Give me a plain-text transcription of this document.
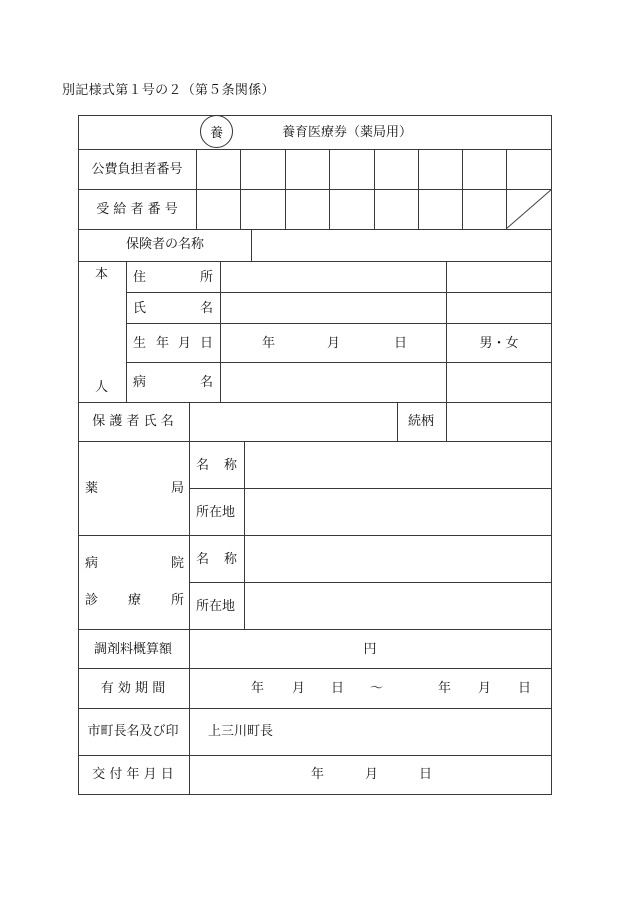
別記様式第１号の２（第５条関係）
養	養育医療券（薬局用）
公費負担者番号
受 給 者 番 号
保険者の名称
本
人
住	所
氏	名
生 年 月 日	年	月	日	男・女
病	名
保 護 者 氏 名	続柄
薬	局
名 称
所在地
病	院
診 療 所
名 称
所在地
調剤料概算額	円
有 効 期 間	年 月 日 ～	年 月 日
市町長名及び印 上三川町長
交 付 年 月 日	年	月	日
